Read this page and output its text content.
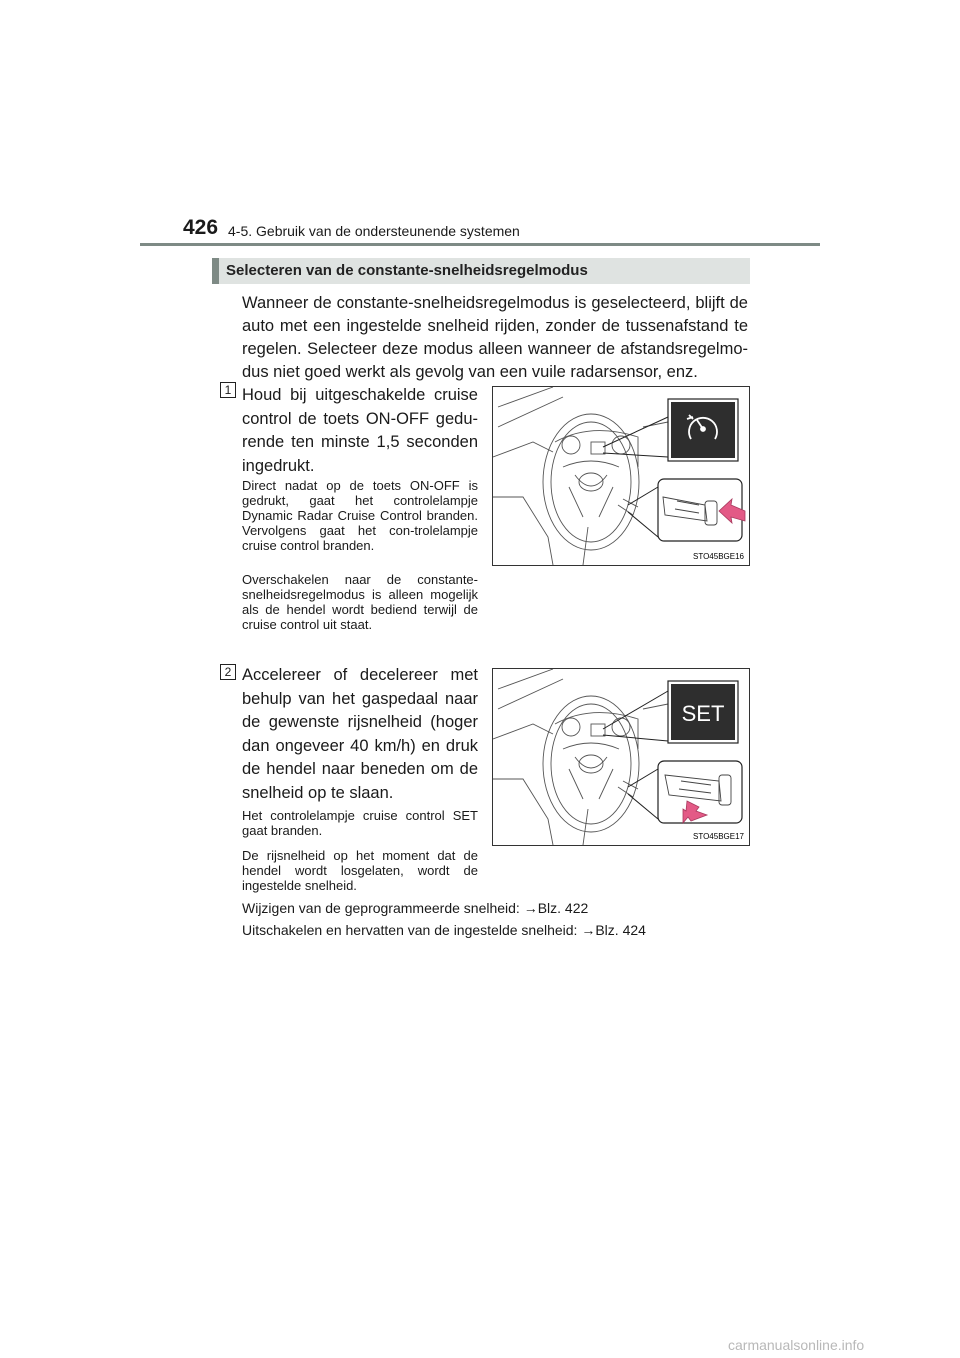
426 4-5. Gebruik van de ondersteunende systemen
Selecteren van de constante-snelheidsregelmodus

Wanneer de constante-snelheidsregelmodus is geselecteerd, blijft de auto met een ingestelde snelheid rijden, zonder de tussenafstand te regelen. Selecteer deze modus alleen wanneer de afstandsregelmo-dus niet goed werkt als gevolg van een vuile radarsensor, enz.

1 Houd bij uitgeschakelde cruise control de toets ON-OFF gedu-rende ten minste 1,5 seconden ingedrukt.

Direct nadat op de toets ON-OFF is gedrukt, gaat het controlelampje Dynamic Radar Cruise Control branden. Vervolgens gaat het con-trolelampje cruise control branden.

Overschakelen naar de constante-snelheidsregelmodus is alleen mogelijk als de hendel wordt bediend terwijl de cruise control uit staat.

STO45BGE16
2 Accelereer of decelereer met behulp van het gaspedaal naar de gewenste rijsnelheid (hoger dan ongeveer 40 km/h) en druk de hendel naar beneden om de snelheid op te slaan.

Het controlelampje cruise control SET gaat branden.

De rijsnelheid op het moment dat de hendel wordt losgelaten, wordt de ingestelde snelheid.

SET
STO45BGE17
Wijzigen van de geprogrammeerde snelheid: →Blz. 422
Uitschakelen en hervatten van de ingestelde snelheid: →Blz. 424
carmanualsonline.info
